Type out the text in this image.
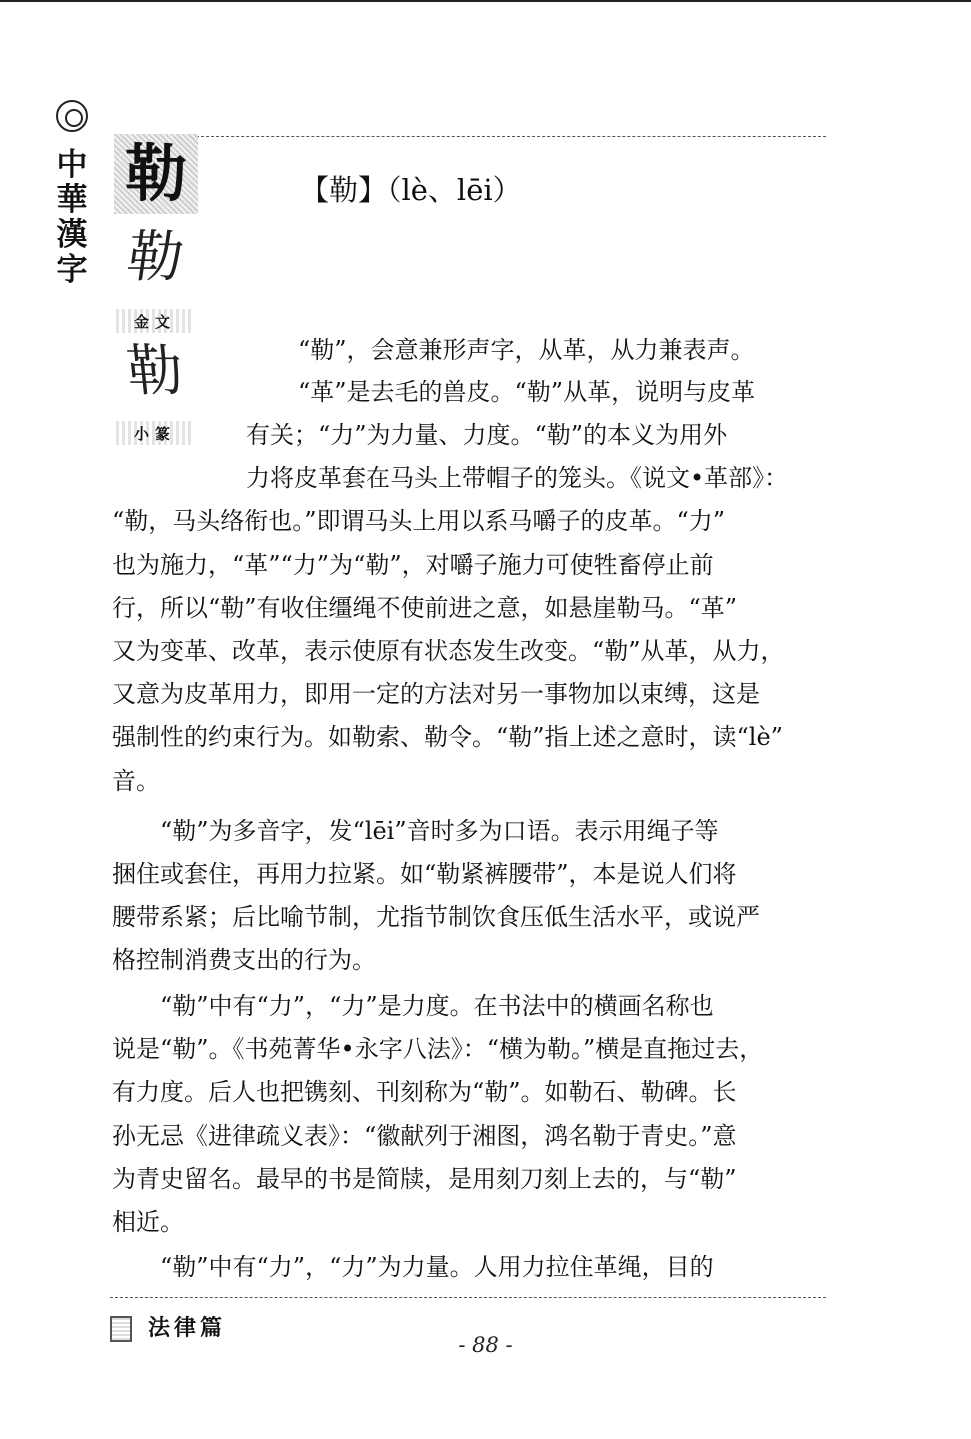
中
華
漢
字
勒
勒
金文
勒
小篆
【勒】（lè、lēi）
“勒”，会意兼形声字，从革，从力兼表声。
“革”是去毛的兽皮。“勒”从革，说明与皮革
有关；“力”为力量、力度。“勒”的本义为用外
力将皮革套在马头上带帽子的笼头。《说文•革部》：
“勒，马头络衔也。”即谓马头上用以系马嚼子的皮革。“力”
也为施力，“革”“力”为“勒”，对嚼子施力可使牲畜停止前
行，所以“勒”有收住缰绳不使前进之意，如悬崖勒马。“革”
又为变革、改革，表示使原有状态发生改变。“勒”从革，从力，
又意为皮革用力，即用一定的方法对另一事物加以束缚，这是
强制性的约束行为。如勒索、勒令。“勒”指上述之意时，读“lè”
音。
“勒”为多音字，发“lēi”音时多为口语。表示用绳子等
捆住或套住，再用力拉紧。如“勒紧裤腰带”，本是说人们将
腰带系紧；后比喻节制，尤指节制饮食压低生活水平，或说严
格控制消费支出的行为。
“勒”中有“力”，“力”是力度。在书法中的横画名称也
说是“勒”。《书苑菁华•永字八法》：“横为勒。”横是直拖过去，
有力度。后人也把镌刻、刊刻称为“勒”。如勒石、勒碑。长
孙无忌《进律疏义表》：“徽献列于湘图，鸿名勒于青史。”意
为青史留名。最早的书是简牍，是用刻刀刻上去的，与“勒”
相近。
“勒”中有“力”，“力”为力量。人用力拉住革绳，目的
法律篇
- 88 -
